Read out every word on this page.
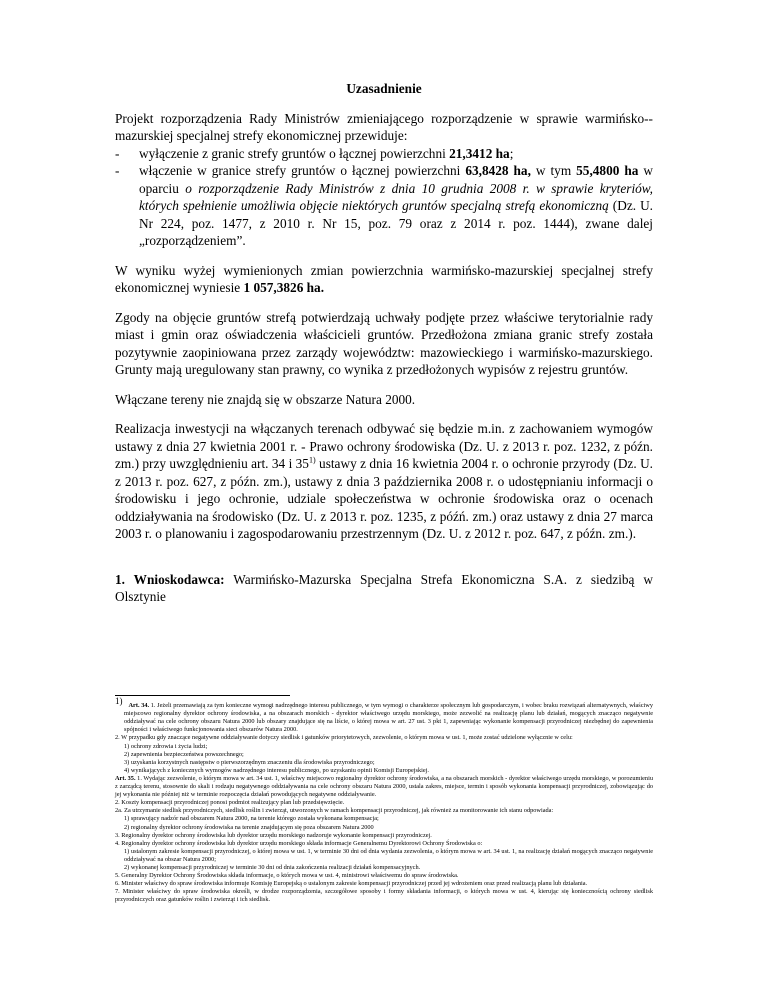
Uzasadnienie

Projekt rozporządzenia Rady Ministrów zmieniającego rozporządzenie w sprawie warmińsko--mazurskiej specjalnej strefy ekonomicznej przewiduje:

-	wyłączenie z granic strefy gruntów o łącznej powierzchni 21,3412 ha;
-	włączenie w granice strefy gruntów o łącznej powierzchni 63,8428 ha, w tym 55,4800 ha w oparciu o rozporządzenie Rady Ministrów z dnia 10 grudnia 2008 r. w sprawie kryteriów, których spełnienie umożliwia objęcie niektórych gruntów specjalną strefą ekonomiczną (Dz. U. Nr 224, poz. 1477, z 2010 r. Nr 15, poz. 79 oraz z 2014 r. poz. 1444), zwane dalej „rozporządzeniem”.

W wyniku wyżej wymienionych zmian powierzchnia warmińsko-mazurskiej specjalnej strefy ekonomicznej wyniesie 1 057,3826 ha.

Zgody na objęcie gruntów strefą potwierdzają uchwały podjęte przez właściwe terytorialnie rady miast i gmin oraz oświadczenia właścicieli gruntów. Przedłożona zmiana granic strefy została pozytywnie zaopiniowana przez zarządy województw: mazowieckiego i warmińsko-mazurskiego. Grunty mają uregulowany stan prawny, co wynika z przedłożonych wypisów z rejestru gruntów.

Włączane tereny nie znajdą się w obszarze Natura 2000.

Realizacja inwestycji na włączanych terenach odbywać się będzie m.in. z zachowaniem wymogów ustawy z dnia 27 kwietnia 2001 r. - Prawo ochrony środowiska (Dz. U. z 2013 r. poz. 1232, z późn. zm.) przy uwzględnieniu art. 34 i 35$^{1)}$ ustawy z dnia 16 kwietnia 2004 r. o ochronie przyrody (Dz. U. z 2013 r. poz. 627, z późn. zm.), ustawy z dnia 3 października 2008 r. o udostępnianiu informacji o środowisku i jego ochronie, udziale społeczeństwa w ochronie środowiska oraz o ocenach oddziaływania na środowisko (Dz. U. z 2013 r. poz. 1235, z późń. zm.) oraz ustawy z dnia 27 marca 2003 r. o planowaniu i zagospodarowaniu przestrzennym (Dz. U. z 2012 r. poz. 647, z późn. zm.).

1. Wnioskodawca: Warmińsko-Mazurska Specjalna Strefa Ekonomiczna S.A. z siedzibą w Olsztynie

1) Art. 34. 1. Jeżeli przemawiają za tym konieczne wymogi nadrzędnego interesu publicznego, w tym wymogi o charakterze społecznym lub gospodarczym, i wobec braku rozwiązań alternatywnych, właściwy miejscowo regionalny dyrektor ochrony środowiska, a na obszarach morskich - dyrektor właściwego urzędu morskiego, może zezwolić na realizację planu lub działań, mogących znacząco negatywnie oddziaływać na cele ochrony obszaru Natura 2000 lub obszary znajdujące się na liście, o której mowa w art. 27 ust. 3 pkt 1, zapewniając wykonanie kompensacji przyrodniczej niezbędnej do zapewnienia spójności i właściwego funkcjonowania sieci obszarów Natura 2000.
2. W przypadku gdy znaczące negatywne oddziaływanie dotyczy siedlisk i gatunków priorytetowych, zezwolenie, o którym mowa w ust. 1, może zostać udzielone wyłącznie w celu:
1) ochrony zdrowia i życia ludzi;
2) zapewnienia bezpieczeństwa powszechnego;
3) uzyskania korzystnych następstw o pierwszorzędnym znaczeniu dla środowiska przyrodniczego;
4) wynikających z koniecznych wymogów nadrzędnego interesu publicznego, po uzyskaniu opinii Komisji Europejskiej.
Art. 35. 1. Wydając zezwolenie, o którym mowa w art. 34 ust. 1, właściwy miejscowo regionalny dyrektor ochrony środowiska, a na obszarach morskich - dyrektor właściwego urzędu morskiego, w porozumieniu z zarządcą terenu, stosownie do skali i rodzaju negatywnego oddziaływania na cele ochrony obszaru Natura 2000, ustala zakres, miejsce, termin i sposób wykonania kompensacji przyrodniczej, zobowiązując do jej wykonania nie później niż w terminie rozpoczęcia działań powodujących negatywne oddziaływanie.
2. Koszty kompensacji przyrodniczej ponosi podmiot realizujący plan lub przedsięwzięcie.
2a. Za utrzymanie siedlisk przyrodniczych, siedlisk roślin i zwierząt, utworzonych w ramach kompensacji przyrodniczej, jak również za monitorowanie ich stanu odpowiada:
1) sprawujący nadzór nad obszarem Natura 2000, na terenie którego została wykonana kompensacja;
2) regionalny dyrektor ochrony środowiska na terenie znajdującym się poza obszarem Natura 2000
3. Regionalny dyrektor ochrony środowiska lub dyrektor urzędu morskiego nadzoruje wykonanie kompensacji przyrodniczej.
4. Regionalny dyrektor ochrony środowiska lub dyrektor urzędu morskiego składa informacje Generalnemu Dyrektorowi Ochrony Środowiska o:
1) ustalonym zakresie kompensacji przyrodniczej, o której mowa w ust. 1, w terminie 30 dni od dnia wydania zezwolenia, o którym mowa w art. 34 ust. 1, na realizację działań mogących znacząco negatywnie oddziaływać na obszar Natura 2000;
2) wykonanej kompensacji przyrodniczej w terminie 30 dni od dnia zakończenia realizacji działań kompensacyjnych.
5. Generalny Dyrektor Ochrony Środowiska składa informacje, o których mowa w ust. 4, ministrowi właściwemu do spraw środowiska.
6. Minister właściwy do spraw środowiska informuje Komisję Europejską o ustalonym zakresie kompensacji przyrodniczej przed jej wdrożeniem oraz przed realizacją planu lub działania.
7. Minister właściwy do spraw środowiska określi, w drodze rozporządzenia, szczegółowe sposoby i formy składania informacji, o których mowa w ust. 4, kierując się koniecznością ochrony siedlisk przyrodniczych oraz gatunków roślin i zwierząt i ich siedlisk.
